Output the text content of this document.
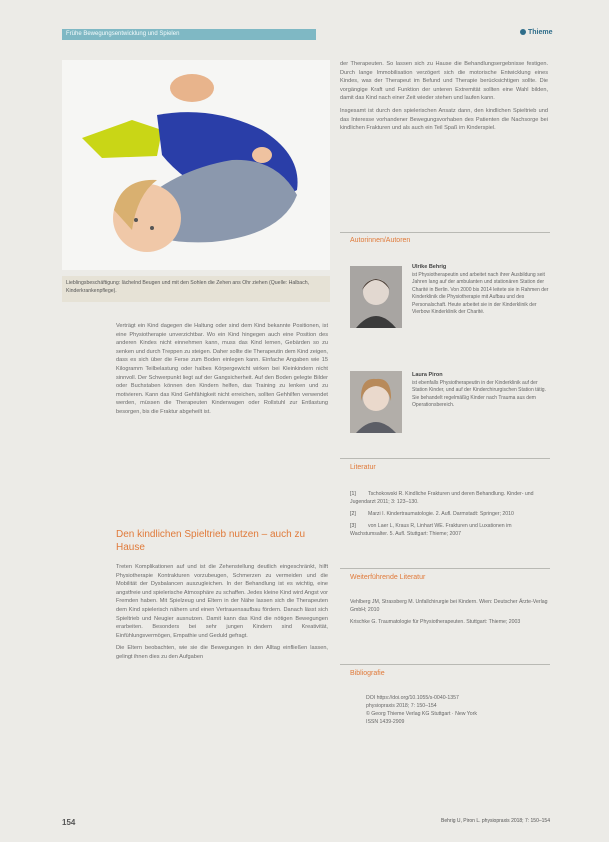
Frühe Bewegungsentwicklung und Spielen	Thieme
Lieblingsbeschäftigung: lächelnd Beugen und mit den Sohlen die Zehen ans Ohr ziehen (Quelle: Halbach, Kinderkrankenpflege).

Verträgt ein Kind dagegen die Haltung oder sind dem Kind bekannte Positionen, ist eine Physiotherapie unverzichtbar. Wo ein Kind hingegen auch eine Position des anderen Kindes nicht einnehmen kann, muss das Kind lernen, Gebärden so zu senken und durch Treppen zu steigen. Daher sollte die Therapeutin dem Kind zeigen, dass es sich über die Ferse zum Boden einlegen kann. Einfache Angaben wie 15 Kilogramm Teilbelastung oder halbes Körpergewicht wirken bei Kleinkindern nicht sinnvoll. Der Schwerpunkt liegt auf der Gangsicherheit. Auf den Boden gelegte Bilder oder Buchstaben können den Kindern helfen, das Training zu lenken und zu motivieren. Kann das Kind Gehfähigkeit nicht erreichen, sollten Gehhilfen verwendet werden, müssen die Therapeuten Kinderwagen oder Rollstuhl zur Entlastung besorgen, bis die Fraktur abgeheilt ist.

Den kindlichen Spieltrieb nutzen – auch zu Hause

Treten Komplikationen auf und ist die Zehenstellung deutlich eingeschränkt, hilft Physiotherapie Kontrakturen vorzubeugen, Schmerzen zu vermeiden und die Mobilität der Dysbalancen auszugleichen. In der Behandlung ist es wichtig, eine angstfreie und spielerische Atmosphäre zu schaffen. Jedes kleine Kind wird Angst vor Fremden haben. Mit Spielzeug und Eltern in der Nähe lassen sich die Therapeuten dem Kind spielerisch nähern und einen Vertrauensaufbau fördern. Danach lässt sich Spieltrieb und Neugier ausnutzen. Damit kann das Kind die nötigen Bewegungen erarbeiten. Besonders bei sehr jungen Kindern sind Kreativität, Einfühlungsvermögen, Empathie und Geduld gefragt.

Die Eltern beobachten, wie sie die Bewegungen in den Alltag einfließen lassen, gelingt ihnen dies zu den Aufgaben

der Therapeuten. So lassen sich zu Hause die Behandlungsergebnisse festigen. Durch lange Immobilisation verzögert sich die motorische Entwicklung eines Kindes, was der Therapeut im Befund und Therapie berücksichtigen sollte. Die vorgängige Kraft und Funktion der unteren Extremität sollten eine Wahl bilden, damit das Kind nach einer Zeit wieder stehen und laufen kann.

Insgesamt ist durch den spielerischen Ansatz dann, den kindlichen Spieltrieb und das Interesse vorhandener Bewegungsvorhaben des Patienten die Nachsorge bei kindlichen Frakturen und als auch ein Teil Spaß im Kinderspiel.

Autorinnen/Autoren
Ulrike Behrig
ist Physiotherapeutin und arbeitet nach ihrer Ausbildung seit Jahren lang auf der ambulanten und stationären Station der Charité in Berlin. Von 2000 bis 2014 leitete sie in Rahmen der Kinderklinik die Physiotherapie mit Aufbau und des Personalschaft. Heute arbeitet sie in der Kinderklinik der Vierbow Kinderklinik der Charité.
Laura Piron
ist ebenfalls Physiotherapeutin in der Kinderklinik auf der Station Kinder, und auf der Kinderchirurgischen Station tätig. Sie behandelt regelmäßig Kinder nach Trauma aus dem Operationsbereich.
Literatur
[1] Tschokowski R. Kindliche Frakturen und deren Behandlung. Kinder- und Jugendarzt 2011; 3: 123–130.
[2] Marzi I. Kindertraumatologie. 2. Aufl. Darmstadt: Springer; 2010
[3] von Laer L, Kraus R, Linhart WE. Frakturen und Luxationen im Wachstumsalter. 5. Aufl. Stuttgart: Thieme; 2007
Weiterführende Literatur
Vehlberg JM, Strassberg M. Unfallchirurgie bei Kindern. Wien: Deutscher Ärzte-Verlag GmbH; 2010
Krischke G. Traumatologie für Physiotherapeuten. Stuttgart: Thieme; 2003
Bibliografie
DOI https://doi.org/10.1055/s-0040-1357
physiopraxis 2018; 7: 150–154
© Georg Thieme Verlag KG Stuttgart · New York
ISSN 1439-2909
154	Behrig U, Piron L. physiopraxis 2018; 7: 150–154
